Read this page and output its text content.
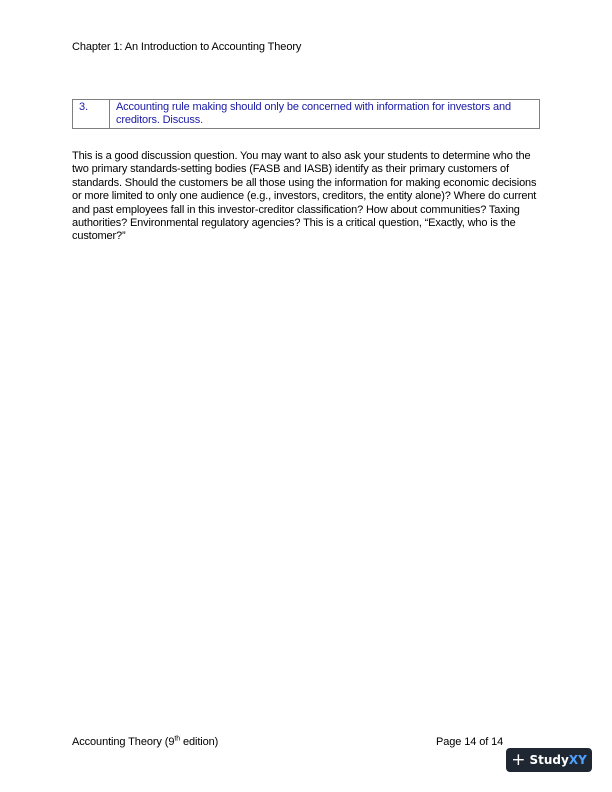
Chapter 1: An Introduction to Accounting Theory
3.	Accounting rule making should only be concerned with information for investors and creditors. Discuss.

This is a good discussion question. You may want to also ask your students to determine who the two primary standards-setting bodies (FASB and IASB) identify as their primary customers of standards. Should the customers be all those using the information for making economic decisions or more limited to only one audience (e.g., investors, creditors, the entity alone)? Where do current and past employees fall in this investor-creditor classification? How about communities? Taxing authorities? Environmental regulatory agencies? This is a critical question, “Exactly, who is the customer?”

Accounting Theory (9th edition)	Page 14 of 14
+ StudyXY
